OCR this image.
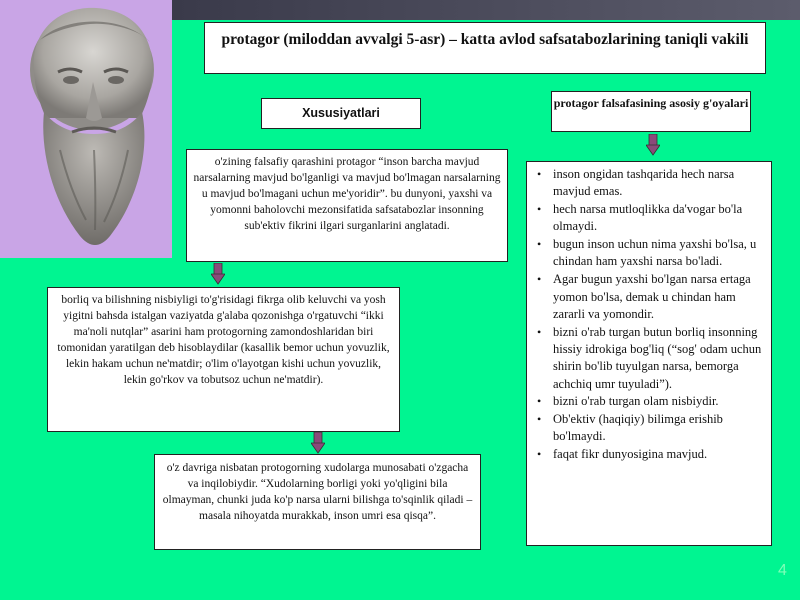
protagor (miloddan avvalgi 5-asr) – katta avlod safsatabozlarining taniqli vakili
Xususiyatlari
protagor falsafasining asosiy g'oyalari
o'zining falsafiy qarashini protagor “inson barcha mavjud narsalarning mavjud bo'lganligi va mavjud bo'lmagan narsalarning u mavjud bo'lmagani uchun me'yoridir”. bu dunyoni, yaxshi va yomonni baholovchi mezonsifatida safsatabozlar insonning sub'ektiv fikrini ilgari surganlarini anglatadi.
borliq va bilishning nisbiyligi to'g'risidagi fikrga olib keluvchi va yosh yigitni bahsda istalgan vaziyatda g'alaba qozonishga o'rgatuvchi “ikki ma'noli nutqlar” asarini ham protogorning zamondoshlaridan biri tomonidan yaratilgan deb hisoblaydilar (kasallik bemor uchun yovuzlik, lekin hakam uchun ne'matdir; o'lim o'layotgan kishi uchun yovuzlik, lekin go'rkov va tobutsoz uchun ne'matdir).
o'z davriga nisbatan protogorning xudolarga munosabati o'zgacha va inqilobiydir. “Xudolarning borligi yoki yo'qligini bila olmayman, chunki juda ko'p narsa ularni bilishga to'sqinlik qiladi – masala nihoyatda murakkab, inson umri esa qisqa”.
• inson ongidan tashqarida hech narsa mavjud emas.
• hech narsa mutloqlikka da'vogar bo'la olmaydi.
• bugun inson uchun nima yaxshi bo'lsa, u chindan ham yaxshi narsa bo'ladi.
• Agar bugun yaxshi bo'lgan narsa ertaga yomon bo'lsa, demak u chindan ham zararli va yomondir.
• bizni o'rab turgan butun borliq insonning hissiy idrokiga bog'liq (“sog' odam uchun shirin bo'lib tuyulgan narsa, bemorga achchiq umr tuyuladi”).
• bizni o'rab turgan olam nisbiydir.
• Ob'ektiv (haqiqiy) bilimga erishib bo'lmaydi.
• faqat fikr dunyosigina mavjud.
4
